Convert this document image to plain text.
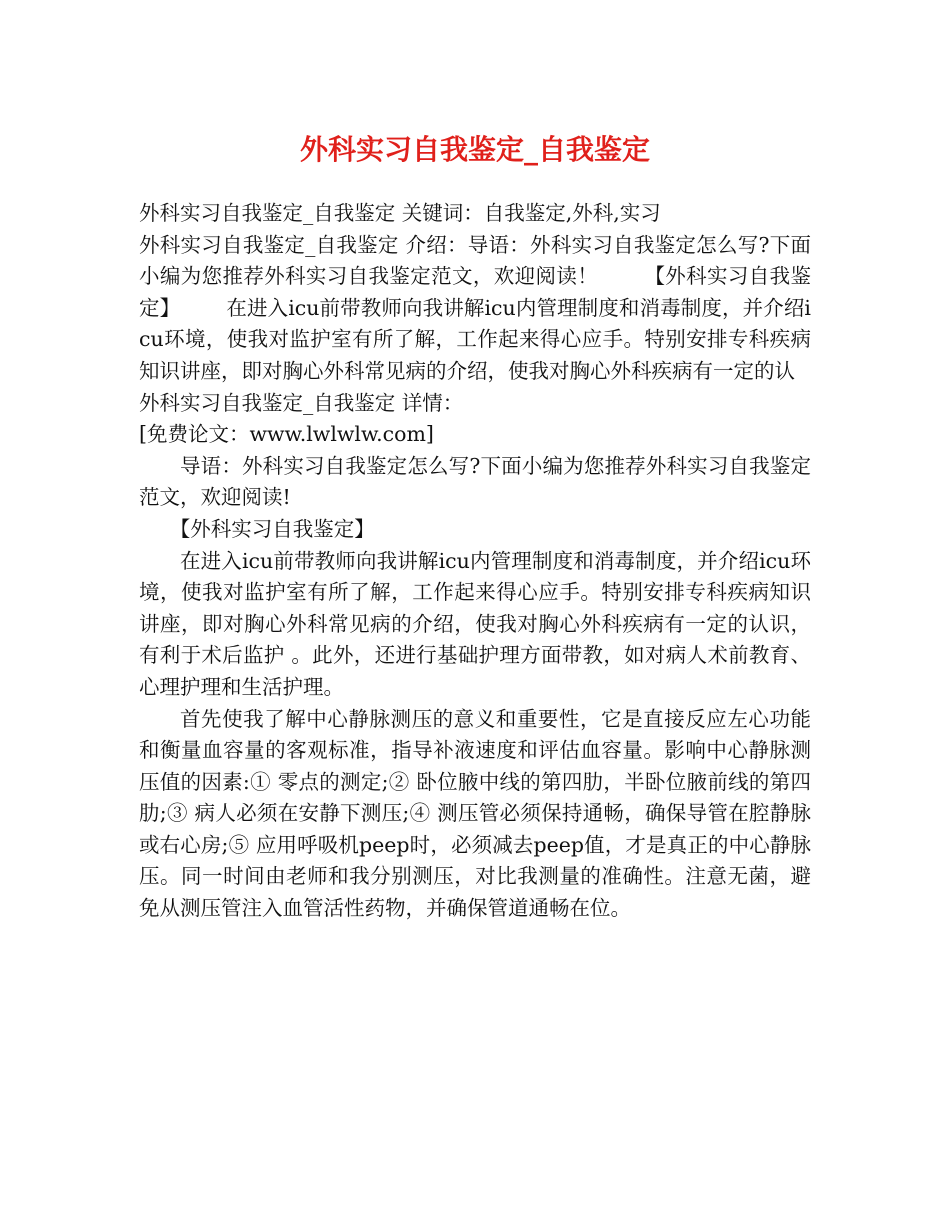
外科实习自我鉴定_自我鉴定

外科实习自我鉴定_自我鉴定 关键词：自我鉴定,外科,实习

外科实习自我鉴定_自我鉴定 介绍：导语：外科实习自我鉴定怎么写?下面小编为您推荐外科实习自我鉴定范文，欢迎阅读！ 【外科实习自我鉴定】 在进入icu前带教师向我讲解icu内管理制度和消毒制度，并介绍icu环境，使我对监护室有所了解，工作起来得心应手。特别安排专科疾病知识讲座，即对胸心外科常见病的介绍，使我对胸心外科疾病有一定的认

外科实习自我鉴定_自我鉴定 详情：

[免费论文：www.lwlwlw.com]

导语：外科实习自我鉴定怎么写?下面小编为您推荐外科实习自我鉴定范文，欢迎阅读!

【外科实习自我鉴定】

在进入icu前带教师向我讲解icu内管理制度和消毒制度，并介绍icu环境，使我对监护室有所了解，工作起来得心应手。特别安排专科疾病知识讲座，即对胸心外科常见病的介绍，使我对胸心外科疾病有一定的认识，有利于术后监护 。此外，还进行基础护理方面带教，如对病人术前教育、心理护理和生活护理。

首先使我了解中心静脉测压的意义和重要性，它是直接反应左心功能和衡量血容量的客观标准，指导补液速度和评估血容量。影响中心静脉测压值的因素:① 零点的测定;② 卧位腋中线的第四肋，半卧位腋前线的第四肋;③ 病人必须在安静下测压;④ 测压管必须保持通畅，确保导管在腔静脉或右心房;⑤ 应用呼吸机peep时，必须减去peep值，才是真正的中心静脉压。同一时间由老师和我分别测压，对比我测量的准确性。注意无菌，避免从测压管注入血管活性药物，并确保管道通畅在位。
